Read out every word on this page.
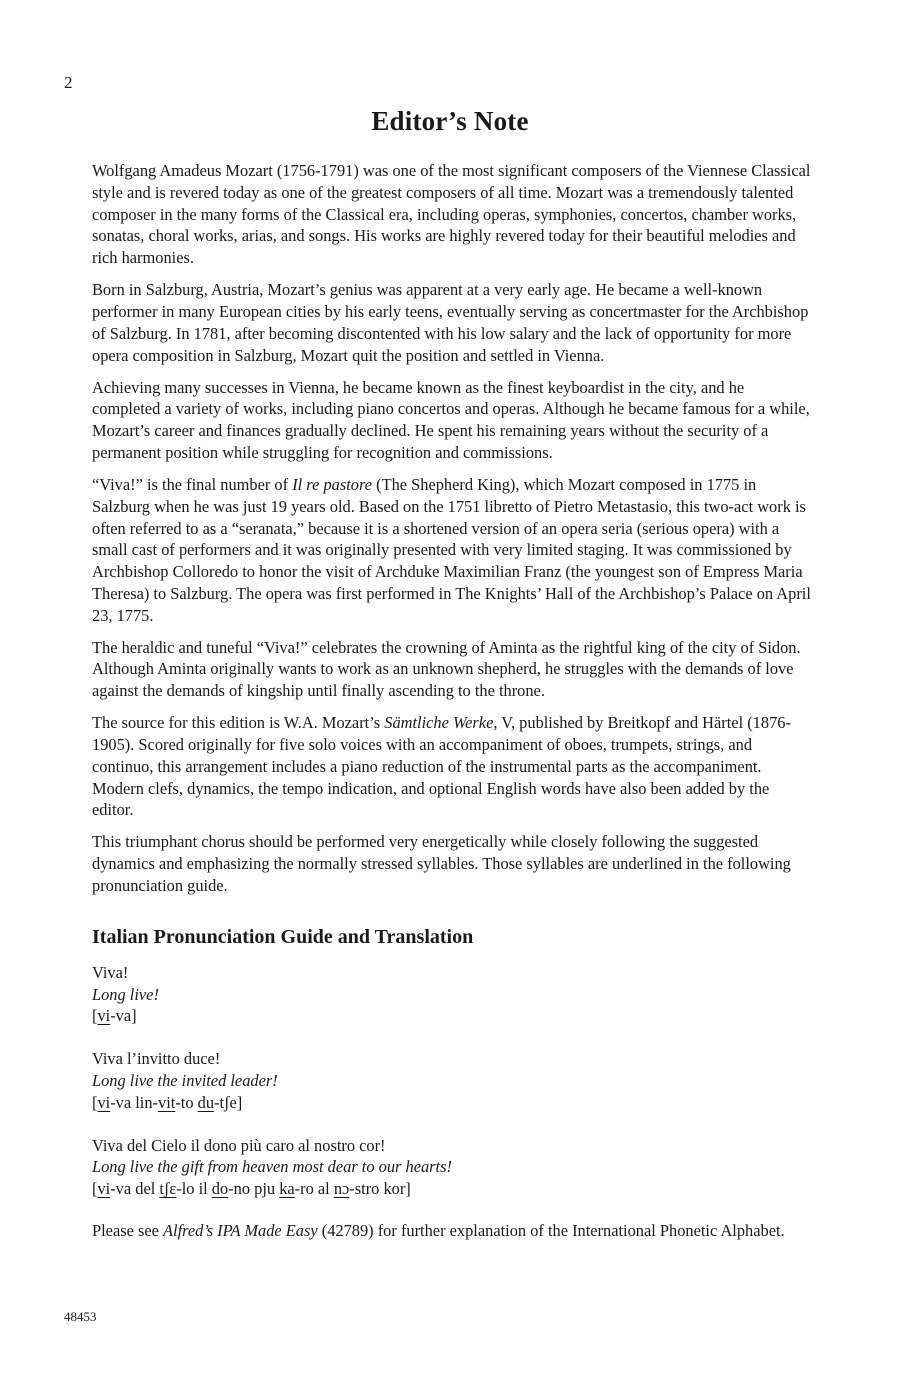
2
Editor’s Note

Wolfgang Amadeus Mozart (1756-1791) was one of the most significant composers of the Viennese Classical style and is revered today as one of the greatest composers of all time. Mozart was a tremendously talented composer in the many forms of the Classical era, including operas, symphonies, concertos, chamber works, sonatas, choral works, arias, and songs. His works are highly revered today for their beautiful melodies and rich harmonies.

Born in Salzburg, Austria, Mozart’s genius was apparent at a very early age. He became a well-known performer in many European cities by his early teens, eventually serving as concertmaster for the Archbishop of Salzburg. In 1781, after becoming discontented with his low salary and the lack of opportunity for more opera composition in Salzburg, Mozart quit the position and settled in Vienna.

Achieving many successes in Vienna, he became known as the finest keyboardist in the city, and he completed a variety of works, including piano concertos and operas. Although he became famous for a while, Mozart’s career and finances gradually declined. He spent his remaining years without the security of a permanent position while struggling for recognition and commissions.

“Viva!” is the final number of Il re pastore (The Shepherd King), which Mozart composed in 1775 in Salzburg when he was just 19 years old. Based on the 1751 libretto of Pietro Metastasio, this two-act work is often referred to as a “seranata,” because it is a shortened version of an opera seria (serious opera) with a small cast of performers and it was originally presented with very limited staging. It was commissioned by Archbishop Colloredo to honor the visit of Archduke Maximilian Franz (the youngest son of Empress Maria Theresa) to Salzburg. The opera was first performed in The Knights’ Hall of the Archbishop’s Palace on April 23, 1775.

The heraldic and tuneful “Viva!” celebrates the crowning of Aminta as the rightful king of the city of Sidon. Although Aminta originally wants to work as an unknown shepherd, he struggles with the demands of love against the demands of kingship until finally ascending to the throne.

The source for this edition is W.A. Mozart’s Sämtliche Werke, V, published by Breitkopf and Härtel (1876-1905). Scored originally for five solo voices with an accompaniment of oboes, trumpets, strings, and continuo, this arrangement includes a piano reduction of the instrumental parts as the accompaniment. Modern clefs, dynamics, the tempo indication, and optional English words have also been added by the editor.

This triumphant chorus should be performed very energetically while closely following the suggested dynamics and emphasizing the normally stressed syllables. Those syllables are underlined in the following pronunciation guide.

Italian Pronunciation Guide and Translation
Viva!
Long live!
[vi-va]
Viva l’invitto duce!
Long live the invited leader!
[vi-va lin-vit-to du-tʃe]
Viva del Cielo il dono più caro al nostro cor!
Long live the gift from heaven most dear to our hearts!
[vi-va del tʃɛ-lo il do-no pju ka-ro al nɔ-stro kor]

Please see Alfred’s IPA Made Easy (42789) for further explanation of the International Phonetic Alphabet.

48453
